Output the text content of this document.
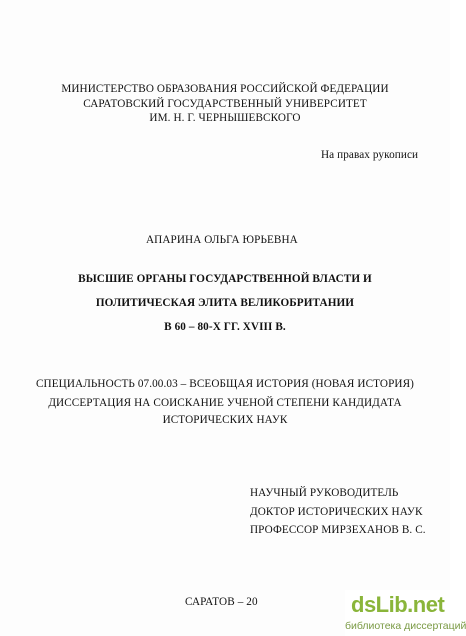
МИНИСТЕРСТВО ОБРАЗОВАНИЯ РОССИЙСКОЙ ФЕДЕРАЦИИ
САРАТОВСКИЙ ГОСУДАРСТВЕННЫЙ УНИВЕРСИТЕТ
ИМ. Н. Г. ЧЕРНЫШЕВСКОГО
На правах рукописи
АПАРИНА ОЛЬГА ЮРЬЕВНА
ВЫСШИЕ ОРГАНЫ ГОСУДАРСТВЕННОЙ ВЛАСТИ И
ПОЛИТИЧЕСКАЯ ЭЛИТА ВЕЛИКОБРИТАНИИ
В 60 – 80-Х ГГ. XVIII В.
СПЕЦИАЛЬНОСТЬ 07.00.03 – ВСЕОБЩАЯ ИСТОРИЯ (НОВАЯ ИСТОРИЯ)
ДИССЕРТАЦИЯ НА СОИСКАНИЕ УЧЕНОЙ СТЕПЕНИ КАНДИДАТА
ИСТОРИЧЕСКИХ НАУК
НАУЧНЫЙ РУКОВОДИТЕЛЬ
ДОКТОР ИСТОРИЧЕСКИХ НАУК
ПРОФЕССОР МИРЗЕХАНОВ В. С.
САРАТОВ – 20	dsLib.net
библиотека диссертаций
